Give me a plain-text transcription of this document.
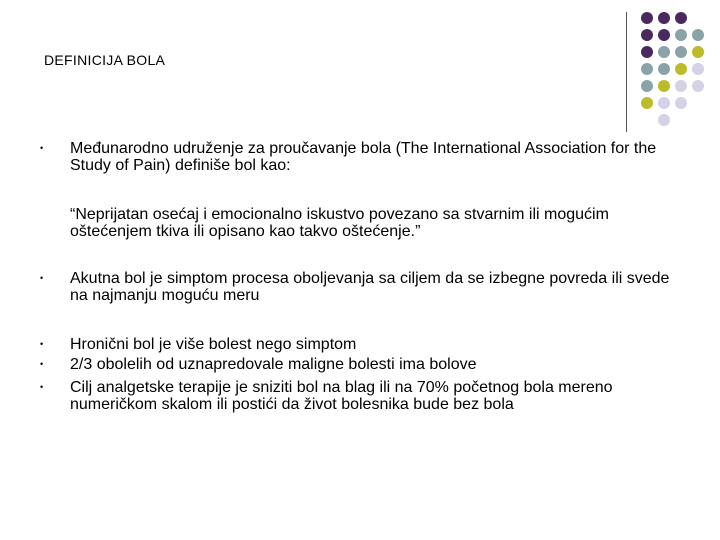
DEFINICIJA BOLA
• Međunarodno udruženje za proučavanje bola (The International Association for the Study of Pain) definiše bol kao:
“Neprijatan osećaj i emocionalno iskustvo povezano sa stvarnim ili mogućim oštećenjem tkiva ili opisano kao takvo oštećenje.”
• Akutna bol je simptom procesa oboljevanja sa ciljem da se izbegne povreda ili svede na najmanju moguću meru
• Hronični bol je više bolest nego simptom
• 2/3 obolelih od uznapredovale maligne bolesti ima bolove
• Cilj analgetske terapije je sniziti bol na blag ili na 70% početnog bola mereno numeričkom skalom ili postići da život bolesnika bude bez bola
